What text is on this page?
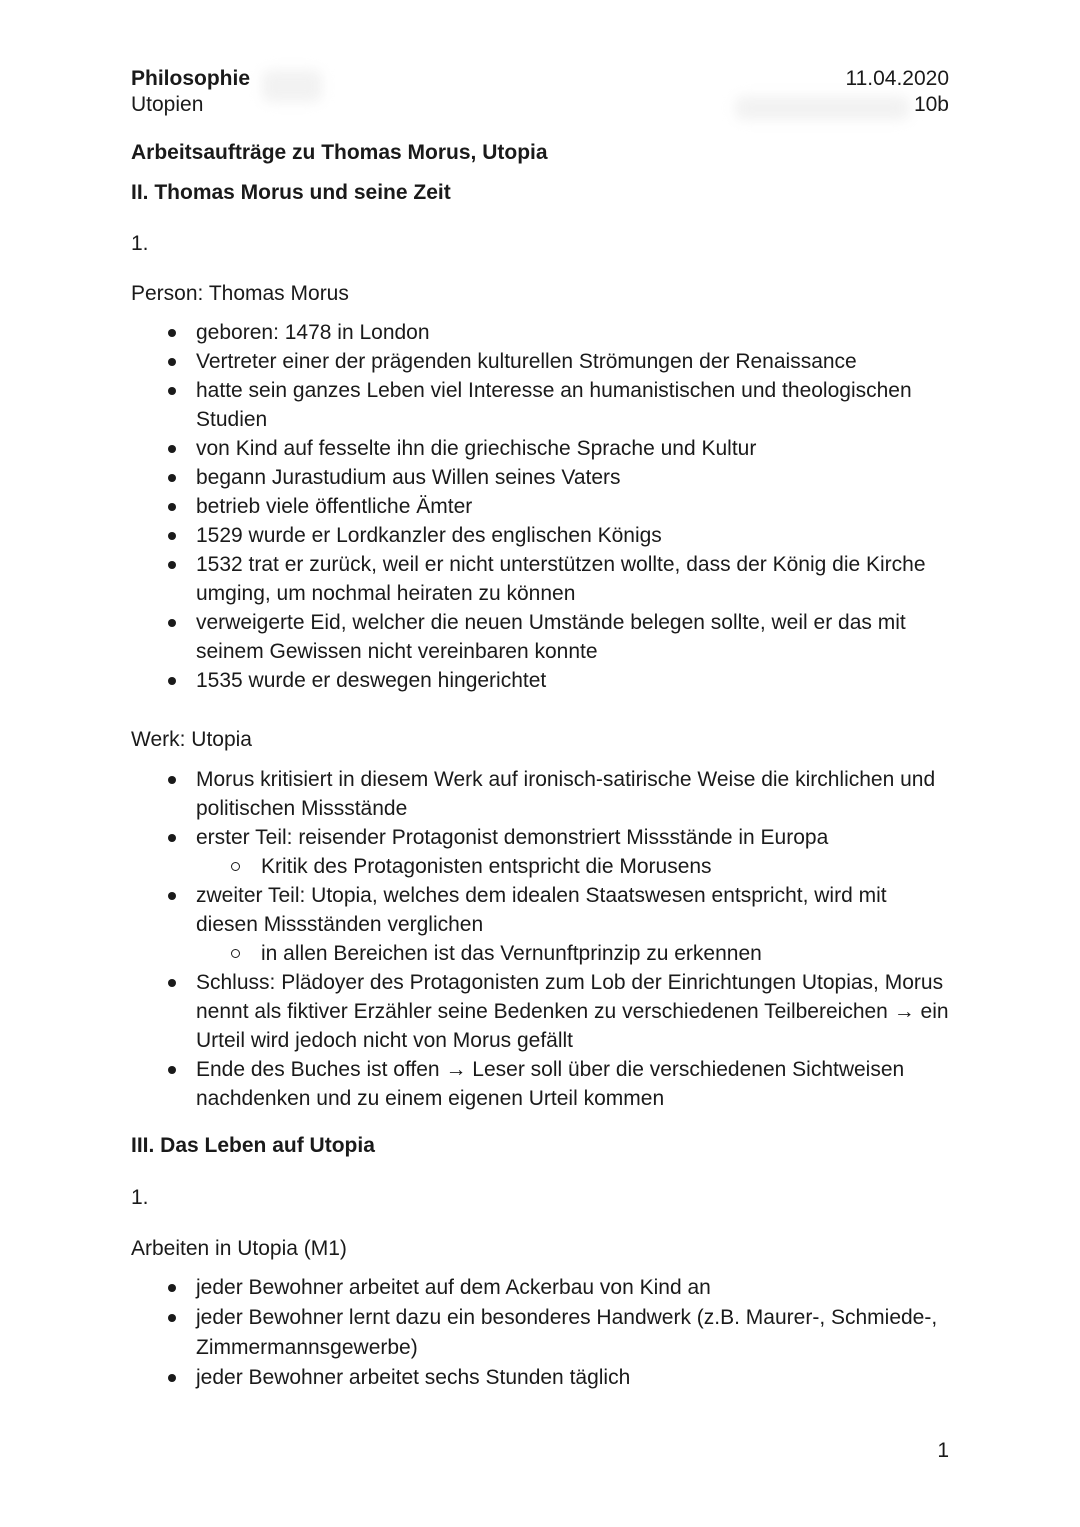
Philosophie
Utopien
11.04.2020
10b
Arbeitsaufträge zu Thomas Morus, Utopia
II. Thomas Morus und seine Zeit
1.
Person: Thomas Morus
geboren: 1478 in London
Vertreter einer der prägenden kulturellen Strömungen der Renaissance
hatte sein ganzes Leben viel Interesse an humanistischen und theologischen Studien
von Kind auf fesselte ihn die griechische Sprache und Kultur
begann Jurastudium aus Willen seines Vaters
betrieb viele öffentliche Ämter
1529 wurde er Lordkanzler des englischen Königs
1532 trat er zurück, weil er nicht unterstützen wollte, dass der König die Kirche umging, um nochmal heiraten zu können
verweigerte Eid, welcher die neuen Umstände belegen sollte, weil er das mit seinem Gewissen nicht vereinbaren konnte
1535 wurde er deswegen hingerichtet
Werk: Utopia
Morus kritisiert in diesem Werk auf ironisch-satirische Weise die kirchlichen und politischen Missstände
erster Teil: reisender Protagonist demonstriert Missstände in Europa
Kritik des Protagonisten entspricht die Morusens
zweiter Teil: Utopia, welches dem idealen Staatswesen entspricht, wird mit diesen Missständen verglichen
in allen Bereichen ist das Vernunftprinzip zu erkennen
Schluss: Plädoyer des Protagonisten zum Lob der Einrichtungen Utopias, Morus nennt als fiktiver Erzähler seine Bedenken zu verschiedenen Teilbereichen → ein Urteil wird jedoch nicht von Morus gefällt
Ende des Buches ist offen → Leser soll über die verschiedenen Sichtweisen nachdenken und zu einem eigenen Urteil kommen
III. Das Leben auf Utopia
1.
Arbeiten in Utopia (M1)
jeder Bewohner arbeitet auf dem Ackerbau von Kind an
jeder Bewohner lernt dazu ein besonderes Handwerk (z.B. Maurer-, Schmiede-, Zimmermannsgewerbe)
jeder Bewohner arbeitet sechs Stunden täglich
1
